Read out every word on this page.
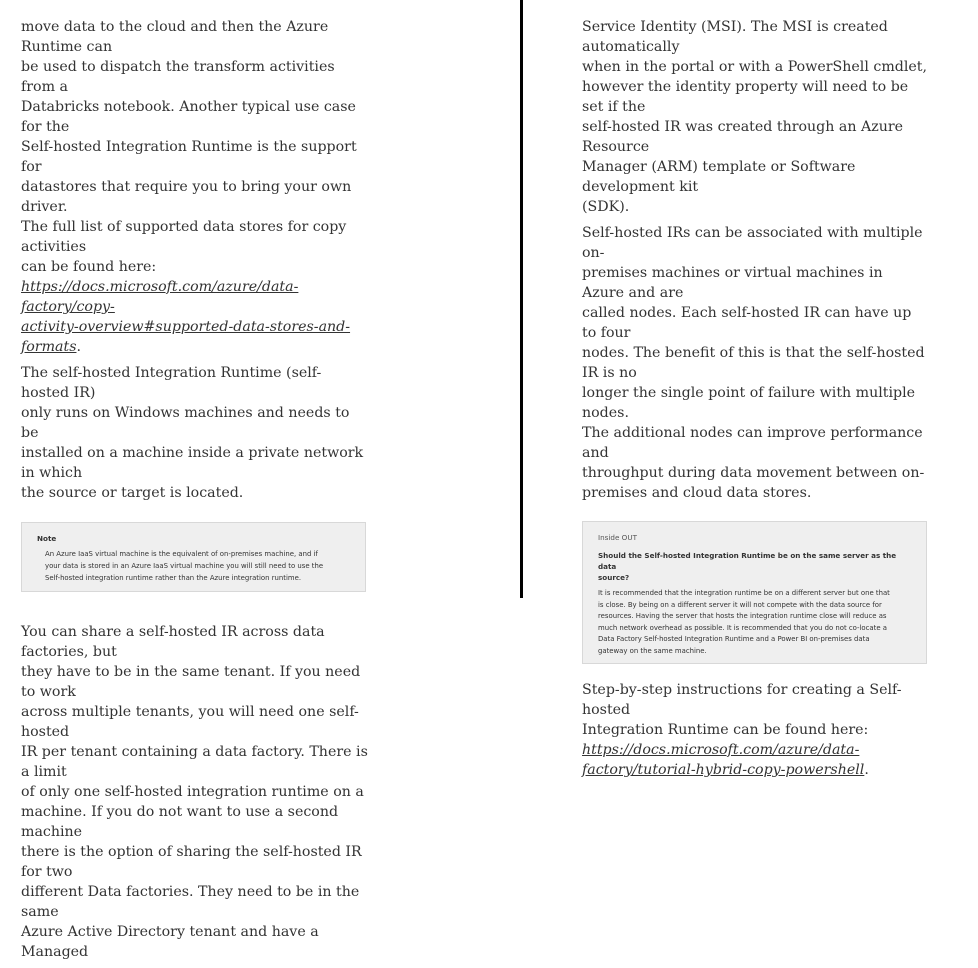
move data to the cloud and then the Azure Runtime can
be used to dispatch the transform activities from a
Databricks notebook. Another typical use case for the
Self-hosted Integration Runtime is the support for
datastores that require you to bring your own driver.
The full list of supported data stores for copy activities
can be found here:
https://docs.microsoft.com/azure/data-factory/copy-
activity-overview#supported-data-stores-and-formats.

The self-hosted Integration Runtime (self-hosted IR)
only runs on Windows machines and needs to be
installed on a machine inside a private network in which
the source or target is located.

Note

An Azure IaaS virtual machine is the equivalent of on-premises machine, and if
your data is stored in an Azure IaaS virtual machine you will still need to use the
Self-hosted integration runtime rather than the Azure integration runtime.

You can share a self-hosted IR across data factories, but
they have to be in the same tenant. If you need to work
across multiple tenants, you will need one self-hosted
IR per tenant containing a data factory. There is a limit
of only one self-hosted integration runtime on a
machine. If you do not want to use a second machine
there is the option of sharing the self-hosted IR for two
different Data factories. They need to be in the same
Azure Active Directory tenant and have a Managed

Service Identity (MSI). The MSI is created automatically
when in the portal or with a PowerShell cmdlet,
however the identity property will need to be set if the
self-hosted IR was created through an Azure Resource
Manager (ARM) template or Software development kit
(SDK).

Self-hosted IRs can be associated with multiple on-
premises machines or virtual machines in Azure and are
called nodes. Each self-hosted IR can have up to four
nodes. The benefit of this is that the self-hosted IR is no
longer the single point of failure with multiple nodes.
The additional nodes can improve performance and
throughput during data movement between on-
premises and cloud data stores.

Inside OUT
Should the Self-hosted Integration Runtime be on the same server as the data
source?

It is recommended that the integration runtime be on a different server but one that
is close. By being on a different server it will not compete with the data source for
resources. Having the server that hosts the integration runtime close will reduce as
much network overhead as possible. It is recommended that you do not co-locate a
Data Factory Self-hosted Integration Runtime and a Power BI on-premises data
gateway on the same machine.

Step-by-step instructions for creating a Self-hosted
Integration Runtime can be found here:
https://docs.microsoft.com/azure/data-
factory/tutorial-hybrid-copy-powershell.
